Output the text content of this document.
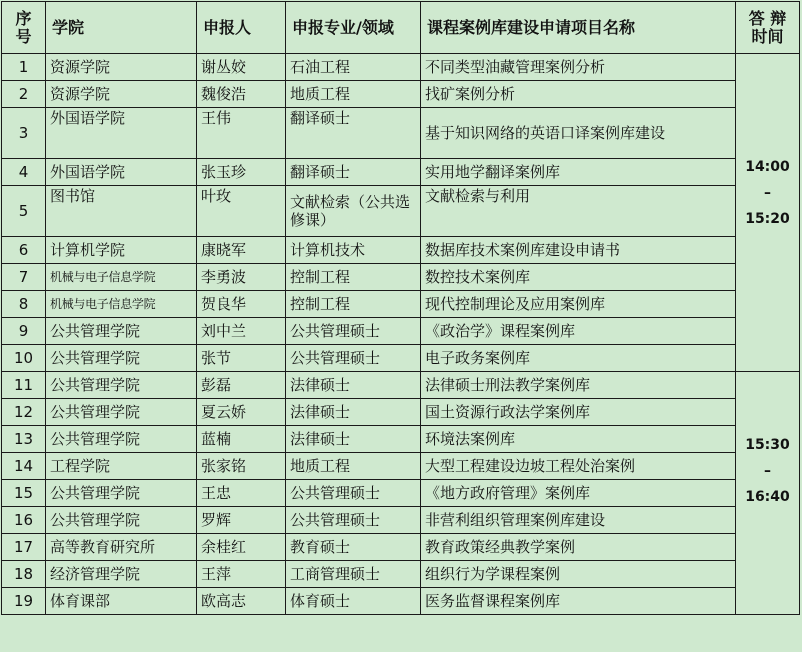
序号	学院	申报人	申报专业/领域	课程案例库建设申请项目名称	答 辩 时间
1	资源学院	谢丛姣	石油工程	不同类型油藏管理案例分析	14:00
–
15:20

2	资源学院	魏俊浩	地质工程	找矿案例分析	
3	外国语学院	王伟	翻译硕士	基于知识网络的英语口译案例库建设	
4	外国语学院	张玉珍	翻译硕士	实用地学翻译案例库	
5	图书馆	叶玫	文献检索（公共选修课）	文献检索与利用	
6	计算机学院	康晓军	计算机技术	数据库技术案例库建设申请书	
7	机械与电子信息学院	李勇波	控制工程	数控技术案例库	
8	机械与电子信息学院	贺良华	控制工程	现代控制理论及应用案例库	
9	公共管理学院	刘中兰	公共管理硕士	《政治学》课程案例库	
10	公共管理学院	张节	公共管理硕士	电子政务案例库	
11	公共管理学院	彭磊	法律硕士	法律硕士刑法教学案例库	15:30
–
16:40

12	公共管理学院	夏云娇	法律硕士	国土资源行政法学案例库	
13	公共管理学院	蓝楠	法律硕士	环境法案例库	
14	工程学院	张家铭	地质工程	大型工程建设边坡工程处治案例	
15	公共管理学院	王忠	公共管理硕士	《地方政府管理》案例库	
16	公共管理学院	罗辉	公共管理硕士	非营利组织管理案例库建设	
17	高等教育研究所	余桂红	教育硕士	教育政策经典教学案例	
18	经济管理学院	王萍	工商管理硕士	组织行为学课程案例	
19	体育课部	欧高志	体育硕士	医务监督课程案例库	
